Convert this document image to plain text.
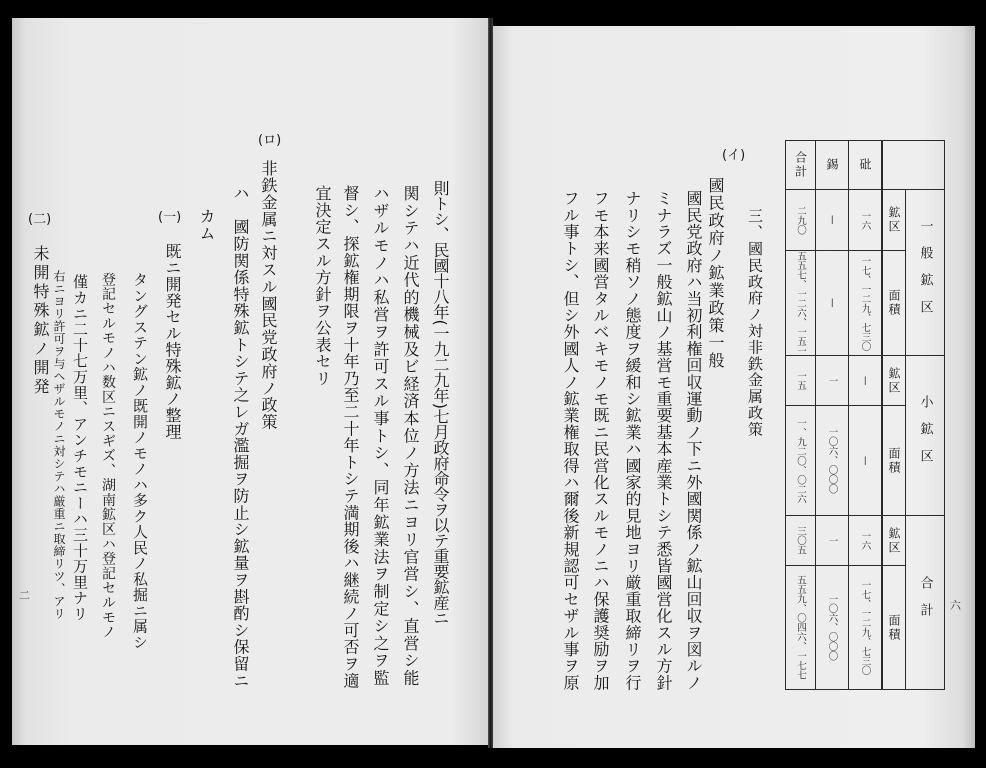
六
三、國民政府ノ対非鉄金属政策
(イ)
國民政府ノ鉱業政策一般
國民党政府ハ当初利権回収運動ノ下ニ外國関係ノ鉱山回収ヲ図ルノ
ミナラズ一般鉱山ノ基営モ重要基本産業トシテ悉皆國営化スル方針
ナリシモ稍ソノ態度ヲ緩和シ鉱業ハ國家的見地ヨリ厳重取締リヲ行
フモ本来國営タルベキモノモ既ニ民営化スルモノニハ保護奨励ヲ加
フル事トシ、但シ外國人ノ鉱業権取得ハ爾後新規認可セザル事ヲ原
砒
錫
合計
一般鉱区
鉱区
面積
一六
—
二九〇
一七、一二九、七三〇
—
五五七、一二六、一五一
小鉱区
鉱区
面積
—
一
一五
—
一〇六、〇〇〇
一、九二〇、〇二六
合計
鉱区
面積
一六
一
三〇五
一七、一二九、七三〇
一〇六、〇〇〇
五五九、〇四六、一七七
則トシ、民國十八年(一九二九年)七月政府命令ヲ以テ重要鉱産ニ
関シテハ近代的機械及ビ経済本位ノ方法ニヨリ官営シ、直営シ能
ハザルモノハ私営ヲ許可スル事トシ、同年鉱業法ヲ制定シ之ヲ監
督シ、探鉱権期限ヲ十年乃至二十年トシテ満期後ハ継続ノ可否ヲ適
宜決定スル方針ヲ公表セリ
(ロ)
非鉄金属ニ対スル國民党政府ノ政策
ハ　國防関係特殊鉱トシテ之レガ濫掘ヲ防止シ鉱量ヲ斟酌シ保留ニ
カム
(一)
既ニ開発セル特殊鉱ノ整理
タングステン鉱ノ既開ノモノハ多ク人民ノ私掘ニ属シ
登記セルモノハ数区ニスギズ、湖南鉱区ハ登記セルモノ
僅カニ二十七万里、アンチモニーハ三十万里ナリ
右ニヨリ許可ヲ与ヘザルモノニ対シテハ厳重ニ取締リツ、アリ
(二)
未開特殊鉱ノ開発
二
